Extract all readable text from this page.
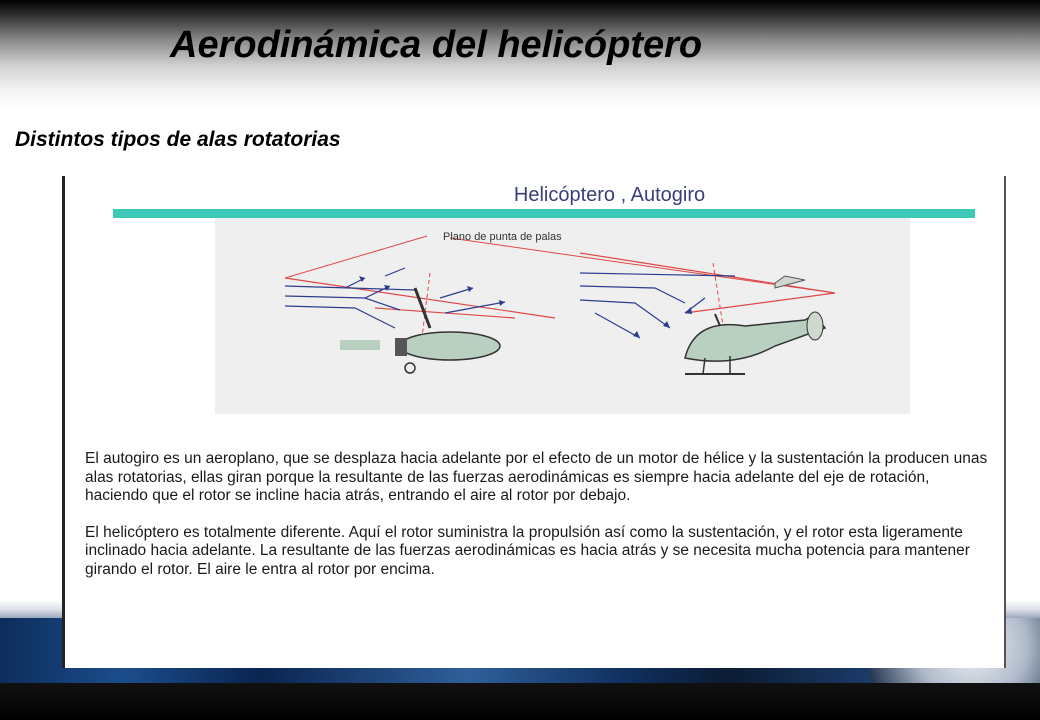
Aerodinámica del helicóptero
Distintos tipos de alas rotatorias
Helicóptero , Autogiro
Plano de punta de palas

El autogiro es un aeroplano, que se desplaza hacia adelante por el efecto de un motor de hélice y la sustentación la producen unas alas rotatorias, ellas giran porque la resultante de las fuerzas aerodinámicas es siempre hacia adelante del eje de rotación, haciendo que el rotor se incline hacia atrás, entrando el aire al rotor por debajo.

El helicóptero es totalmente diferente. Aquí el rotor suministra la propulsión así como la sustentación, y el rotor esta ligeramente inclinado hacia adelante. La resultante de las fuerzas aerodinámicas es hacia atrás y se necesita mucha potencia para mantener girando el rotor. El aire le entra al rotor por encima.
